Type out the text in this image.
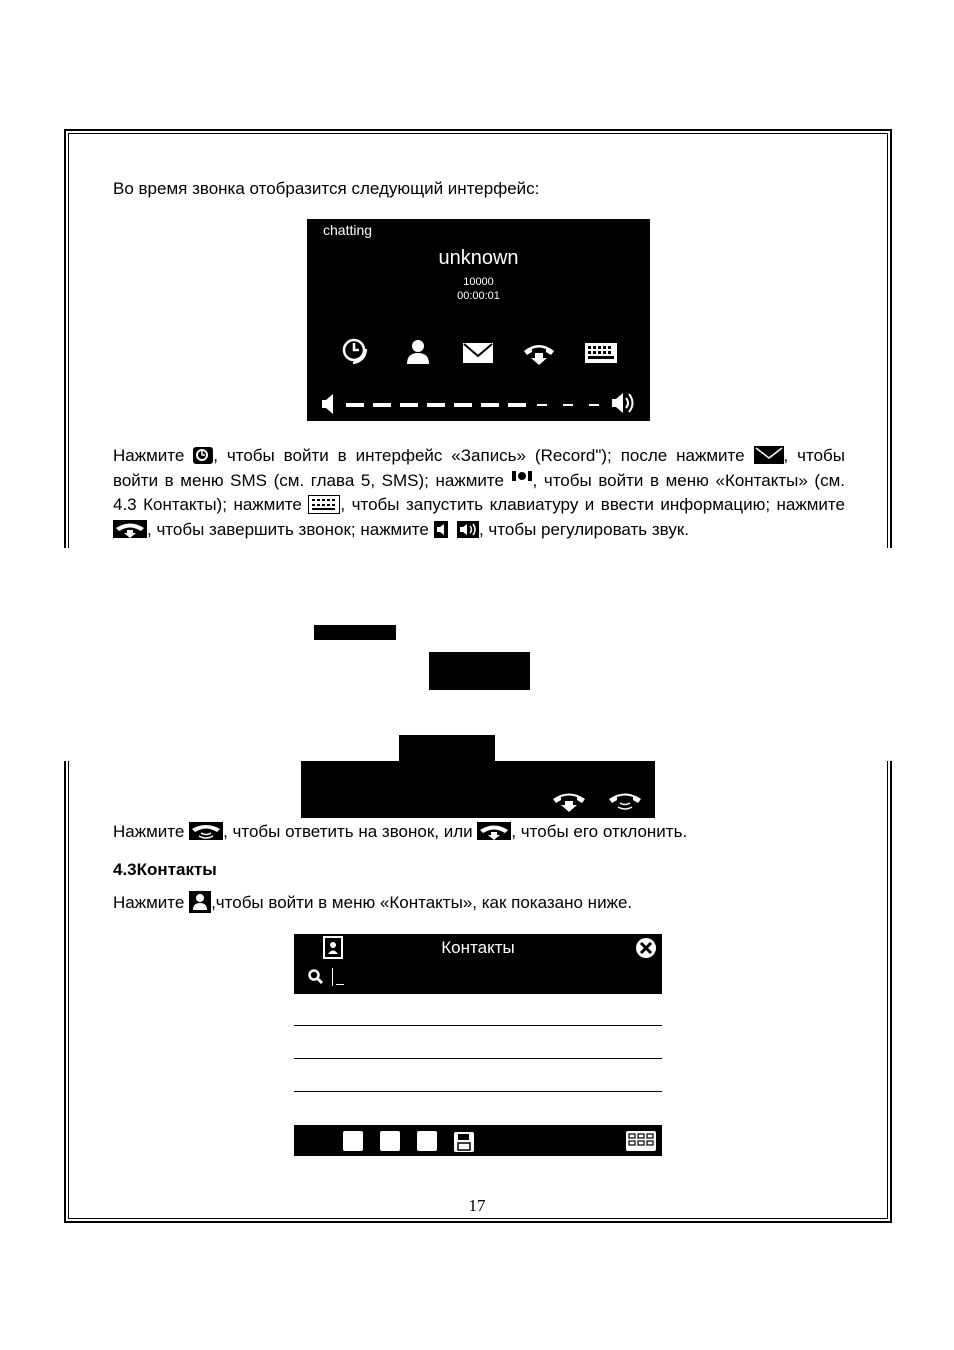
Во время звонка отобразится следующий интерфейс:
chatting
unknown
10000
00:00:01
Нажмите , чтобы войти в интерфейс «Запись» (Record"); после нажмите , чтобы войти в меню SMS (см. глава 5, SMS); нажмите , чтобы войти в меню «Контакты» (см. 4.3 Контакты); нажмите , чтобы запустить клавиатуру и ввести информацию; нажмите , чтобы завершить звонок; нажмите	, чтобы регулировать звук.
Нажмите , чтобы ответить на звонок, или , чтобы его отклонить.
4.3Контакты
Нажмите ,чтобы войти в меню «Контакты», как показано ниже.
Контакты
17
